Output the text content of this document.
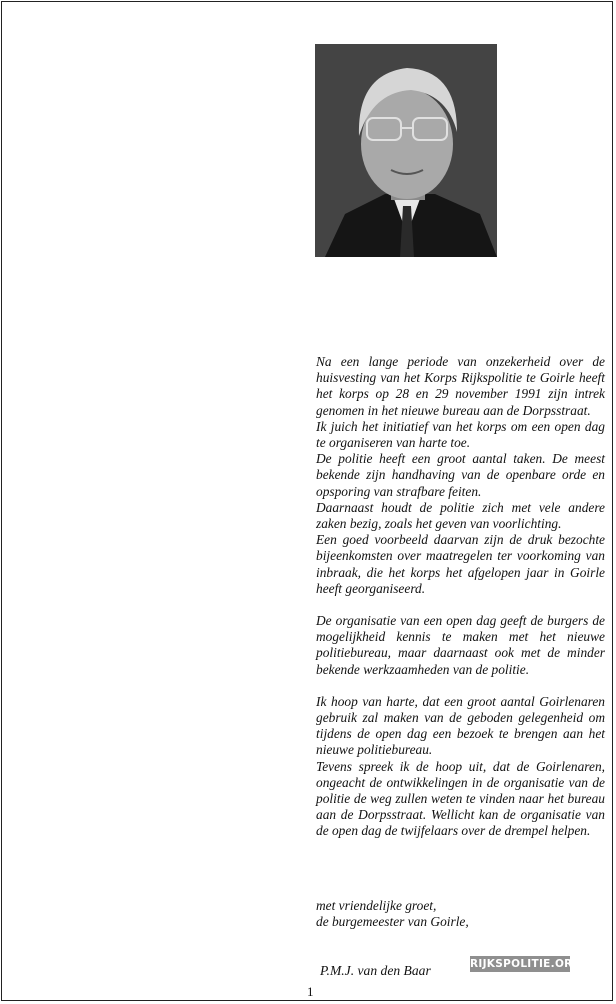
Na een lange periode van onzekerheid over de huisvesting van het Korps Rijkspolitie te Goirle heeft het korps op 28 en 29 november 1991 zijn intrek genomen in het nieuwe bureau aan de Dorpsstraat.

Ik juich het initiatief van het korps om een open dag te organiseren van harte toe.

De politie heeft een groot aantal taken. De meest bekende zijn handhaving van de openbare orde en opsporing van strafbare feiten.

Daarnaast houdt de politie zich met vele andere zaken bezig, zoals het geven van voorlichting.

Een goed voorbeeld daarvan zijn de druk bezochte bijeenkomsten over maatregelen ter voorkoming van inbraak, die het korps het afgelopen jaar in Goirle heeft georganiseerd.

De organisatie van een open dag geeft de burgers de mogelijkheid kennis te maken met het nieuwe politiebureau, maar daarnaast ook met de minder bekende werkzaamheden van de politie.

Ik hoop van harte, dat een groot aantal Goirlenaren gebruik zal maken van de geboden gelegenheid om tijdens de open dag een bezoek te brengen aan het nieuwe politiebureau.

Tevens spreek ik de hoop uit, dat de Goirlenaren, ongeacht de ontwikkelingen in de organisatie van de politie de weg zullen weten te vinden naar het bureau aan de Dorpsstraat. Wellicht kan de organisatie van de open dag de twijfelaars over de drempel helpen.

met vriendelijke groet,
de burgemeester van Goirle,
P.M.J. van den Baar	RIJKSPOLITIE.ORG
1
